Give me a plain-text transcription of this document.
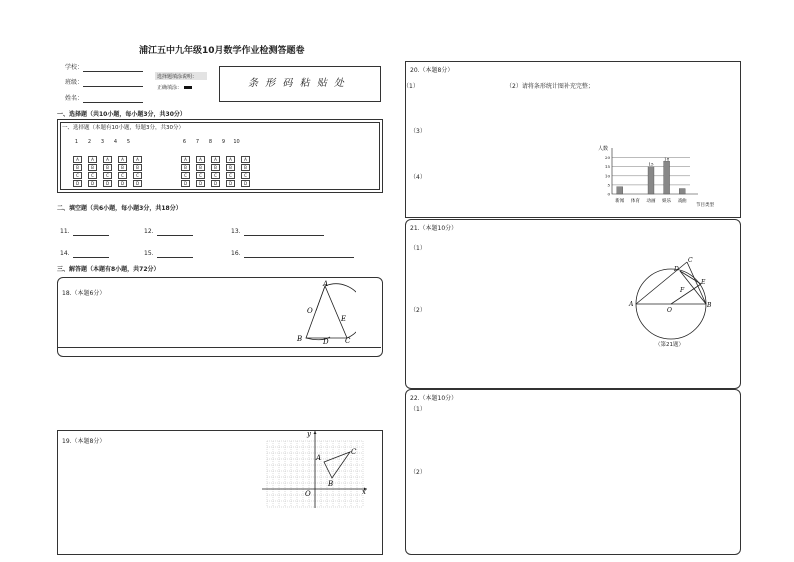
浦江五中九年级10月数学作业检测答题卷
学校：
班级：
姓名：
选择题填涂说明：
正确填涂：	条 形 码 粘 贴 处
一、选择题（共10小题，每小题3分，共30分）
一、选择题（本题有10小题，每题3分，共30分）
1 2 3 4 5
A	A	A	A	A
B	B	B	B	B
C	C	C	C	C
D	D	D	D	D
6 7 8 9 10
A	A	A	A	A
B	B	B	B	B
C	C	C	C	C
D	D	D	D	D
二、填空题（共6小题，每小题3分，共18分）
11.	12.	13.
14.	15.	16.
三、解答题（本题有8小题，共72分）
18.（本题6分）
A
O
E
B	D C
19.（本题8分）
y
A
C
B
O	x
20.（本题8分）
（1）	（2）请将条形统计图补充完整；
（3）
（4）
0
5
10
15
20
新闻 体育
15
动画
18
娱乐 戏曲
人数
节目类型
21.（本题10分）
（1）
（2）
C
D
E
F
A
O
B
（第21题）
22.（本题10分）
（1）
（2）
